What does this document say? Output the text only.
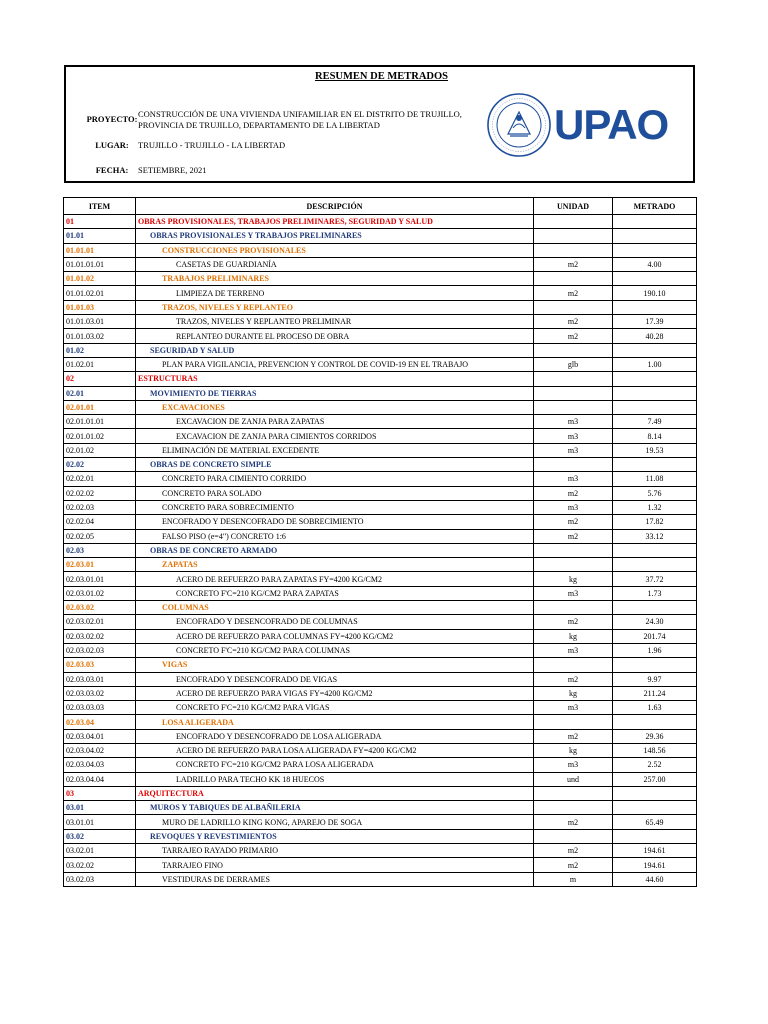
RESUMEN DE METRADOS
PROYECTO: CONSTRUCCIÓN DE UNA VIVIENDA UNIFAMILIAR EN EL DISTRITO DE TRUJILLO,
PROVINCIA DE TRUJILLO, DEPARTAMENTO DE LA LIBERTAD
LUGAR:	TRUJILLO - TRUJILLO - LA LIBERTAD
FECHA:	SETIEMBRE, 2021
UPAO
ITEM	DESCRIPCIÓN	UNIDAD	METRADO
01	OBRAS PROVISIONALES, TRABAJOS PRELIMINARES, SEGURIDAD Y SALUD		
01.01	OBRAS PROVISIONALES Y TRABAJOS PRELIMINARES		
01.01.01	CONSTRUCCIONES PROVISIONALES		
01.01.01.01	CASETAS DE GUARDIANÍA	m2	4.00
01.01.02	TRABAJOS PRELIMINARES		
01.01.02.01	LIMPIEZA DE TERRENO	m2	190.10
01.01.03	TRAZOS, NIVELES Y REPLANTEO		
01.01.03.01	TRAZOS, NIVELES Y REPLANTEO PRELIMINAR	m2	17.39
01.01.03.02	REPLANTEO DURANTE EL PROCESO DE OBRA	m2	40.28
01.02	SEGURIDAD Y SALUD		
01.02.01	PLAN PARA VIGILANCIA, PREVENCION Y CONTROL DE COVID-19 EN EL TRABAJO	glb	1.00
02	ESTRUCTURAS		
02.01	MOVIMIENTO DE TIERRAS		
02.01.01	EXCAVACIONES		
02.01.01.01	EXCAVACION DE ZANJA PARA ZAPATAS	m3	7.49
02.01.01.02	EXCAVACION DE ZANJA PARA CIMIENTOS CORRIDOS	m3	8.14
02.01.02	ELIMINACIÓN DE MATERIAL EXCEDENTE	m3	19.53
02.02	OBRAS DE CONCRETO SIMPLE		
02.02.01	CONCRETO PARA CIMIENTO CORRIDO	m3	11.08
02.02.02	CONCRETO PARA SOLADO	m2	5.76
02.02.03	CONCRETO PARA SOBRECIMIENTO	m3	1.32
02.02.04	ENCOFRADO Y DESENCOFRADO DE SOBRECIMIENTO	m2	17.82
02.02.05	FALSO PISO (e=4") CONCRETO 1:6	m2	33.12
02.03	OBRAS DE CONCRETO ARMADO		
02.03.01	ZAPATAS		
02.03.01.01	ACERO DE REFUERZO PARA ZAPATAS FY=4200 KG/CM2	kg	37.72
02.03.01.02	CONCRETO F'C=210 KG/CM2 PARA ZAPATAS	m3	1.73
02.03.02	COLUMNAS		
02.03.02.01	ENCOFRADO Y DESENCOFRADO DE COLUMNAS	m2	24.30
02.03.02.02	ACERO DE REFUERZO PARA COLUMNAS FY=4200 KG/CM2	kg	201.74
02.03.02.03	CONCRETO F'C=210 KG/CM2 PARA COLUMNAS	m3	1.96
02.03.03	VIGAS		
02.03.03.01	ENCOFRADO Y DESENCOFRADO DE VIGAS	m2	9.97
02.03.03.02	ACERO DE REFUERZO PARA VIGAS FY=4200 KG/CM2	kg	211.24
02.03.03.03	CONCRETO F'C=210 KG/CM2 PARA VIGAS	m3	1.63
02.03.04	LOSA ALIGERADA		
02.03.04.01	ENCOFRADO Y DESENCOFRADO DE LOSA ALIGERADA	m2	29.36
02.03.04.02	ACERO DE REFUERZO PARA LOSA ALIGERADA FY=4200 KG/CM2	kg	148.56
02.03.04.03	CONCRETO F'C=210 KG/CM2 PARA LOSA ALIGERADA	m3	2.52
02.03.04.04	LADRILLO PARA TECHO KK 18 HUECOS	und	257.00
03	ARQUITECTURA		
03.01	MUROS Y TABIQUES DE ALBAÑILERIA		
03.01.01	MURO DE LADRILLO KING KONG, APAREJO DE SOGA	m2	65.49
03.02	REVOQUES Y REVESTIMIENTOS		
03.02.01	TARRAJEO RAYADO PRIMARIO	m2	194.61
03.02.02	TARRAJEO FINO	m2	194.61
03.02.03	VESTIDURAS DE DERRAMES	m	44.60
